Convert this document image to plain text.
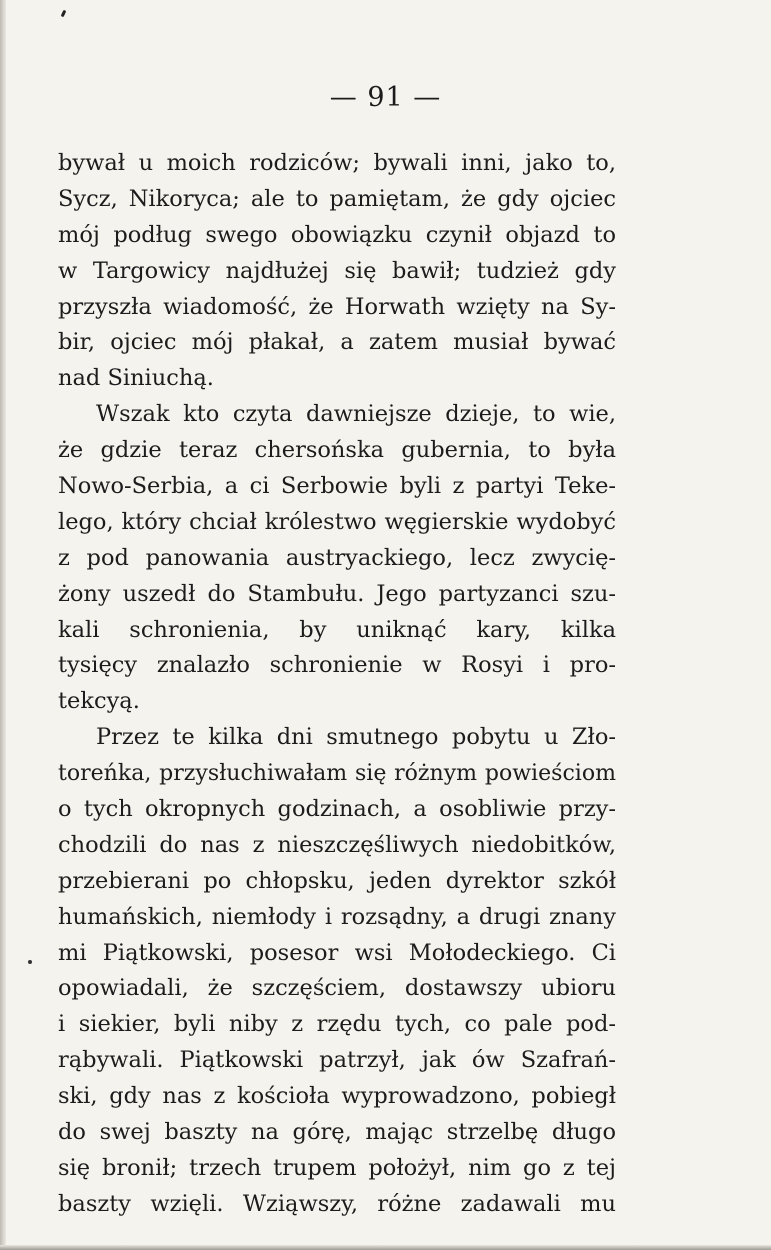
— 91 —
bywał u moich rodziców; bywali inni, jako to,
Sycz, Nikoryca; ale to pamiętam, że gdy ojciec
mój podług swego obowiązku czynił objazd to
w Targowicy najdłużej się bawił; tudzież gdy
przyszła wiadomość, że Horwath wzięty na Sy-
bir, ojciec mój płakał, a zatem musiał bywać
nad Siniuchą.
Wszak kto czyta dawniejsze dzieje, to wie,
że gdzie teraz chersońska gubernia, to była
Nowo-Serbia, a ci Serbowie byli z partyi Teke-
lego, który chciał królestwo węgierskie wydobyć
z pod panowania austryackiego, lecz zwycię-
żony uszedł do Stambułu. Jego partyzanci szu-
kali schronienia, by uniknąć kary, kilka
tysięcy znalazło schronienie w Rosyi i pro-
tekcyą.
Przez te kilka dni smutnego pobytu u Zło-
toreńka, przysłuchiwałam się różnym powieściom
o tych okropnych godzinach, a osobliwie przy-
chodzili do nas z nieszczęśliwych niedobitków,
przebierani po chłopsku, jeden dyrektor szkół
humańskich, niemłody i rozsądny, a drugi znany
mi Piątkowski, posesor wsi Mołodeckiego. Ci
opowiadali, że szczęściem, dostawszy ubioru
i siekier, byli niby z rzędu tych, co pale pod-
rąbywali. Piątkowski patrzył, jak ów Szafrań-
ski, gdy nas z kościoła wyprowadzono, pobiegł
do swej baszty na górę, mając strzelbę długo
się bronił; trzech trupem położył, nim go z tej
baszty wzięli. Wziąwszy, różne zadawali mu
